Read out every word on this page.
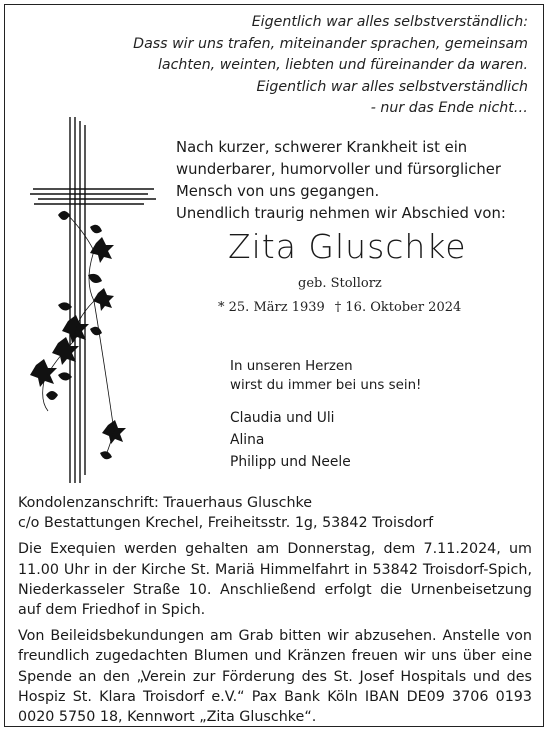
Eigentlich war alles selbstverständlich:
Dass wir uns trafen, miteinander sprachen, gemeinsam
lachten, weinten, liebten und füreinander da waren.
Eigentlich war alles selbstverständlich
- nur das Ende nicht…
Nach kurzer, schwerer Krankheit ist ein
wunderbarer, humorvoller und fürsorglicher
Mensch von uns gegangen.
Unendlich traurig nehmen wir Abschied von:
Zita Gluschke
geb. Stollorz
* 25. März 1939 † 16. Oktober 2024
In unseren Herzen
wirst du immer bei uns sein!
Claudia und Uli
Alina
Philipp und Neele
Kondolenzanschrift: Trauerhaus Gluschke
c/o Bestattungen Krechel, Freiheitsstr. 1g, 53842 Troisdorf

Die Exequien werden gehalten am Donnerstag, dem 7.11.2024, um 11.00 Uhr in der Kirche St. Mariä Himmelfahrt in 53842 Troisdorf-Spich, Niederkasseler Straße 10. Anschließend erfolgt die Urnenbeisetzung auf dem Friedhof in Spich.

Von Beileidsbekundungen am Grab bitten wir abzusehen. Anstelle von freundlich zugedachten Blumen und Kränzen freuen wir uns über eine Spende an den „Verein zur Förderung des St. Josef Hospitals und des Hospiz St. Klara Troisdorf e.V.“ Pax Bank Köln IBAN DE09 3706 0193 0020 5750 18, Kennwort „Zita Gluschke“.
